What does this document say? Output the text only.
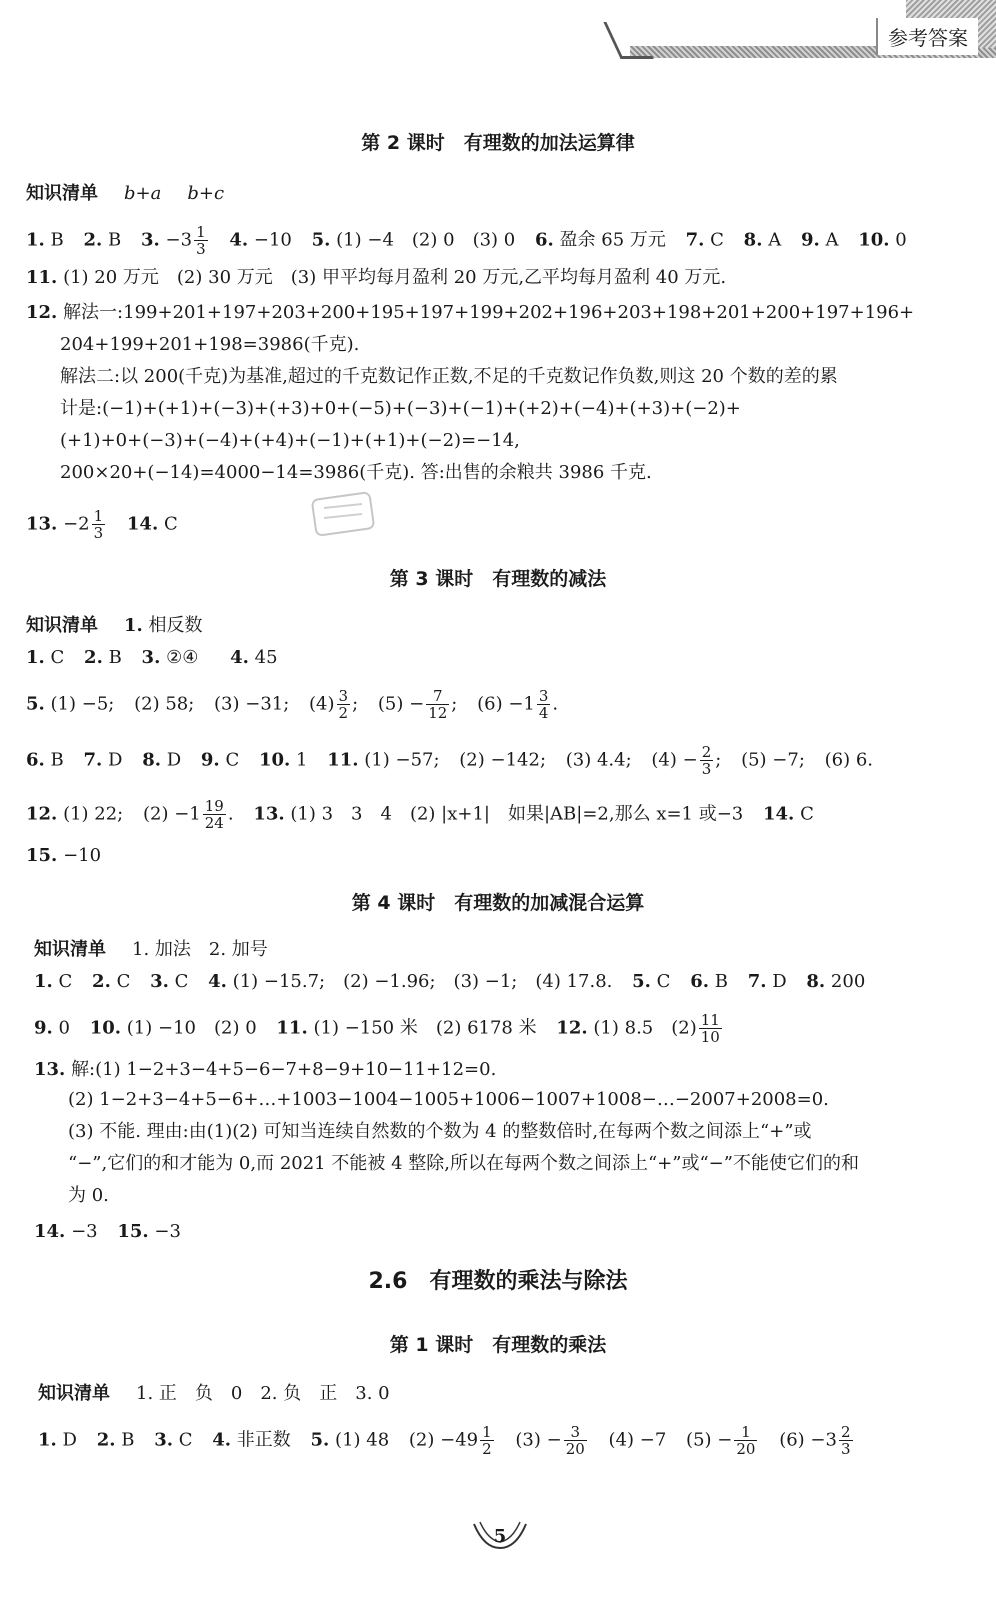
参考答案
第 2 课时　有理数的加法运算律
知识清单 b+a b+c
1. B 2. B 3. $-3 \frac{1}{3} 4$. −10 5. (1) −4　(2) 0　(3) 0 6. 盈余 65 万元 7. C 8. A 9. A 10. 0
11. (1) 20 万元　(2) 30 万元　(3) 甲平均每月盈利 20 万元,乙平均每月盈利 40 万元.
12. 解法一:199+201+197+203+200+195+197+199+202+196+203+198+201+200+197+196+
204+199+201+198=3986(千克).
解法二:以 200(千克)为基准,超过的千克数记作正数,不足的千克数记作负数,则这 20 个数的差的累
计是:(−1)+(+1)+(−3)+(+3)+0+(−5)+(−3)+(−1)+(+2)+(−4)+(+3)+(−2)+
(+1)+0+(−3)+(−4)+(+4)+(−1)+(+1)+(−2)=−14,
200×20+(−14)=4000−14=3986(千克). 答:出售的余粮共 3986 千克.
13. $-2 \frac{1}{3} 14$. C
第 3 课时　有理数的减法
知识清单 1. 相反数
1. C 2. B 3. ②④ 4. 45
5. (1) −5; (2) 58; (3) −31; $(4) \frac{3}{2}$ ; $(5) - \frac{7}{12}$ ; $(6) -1 \frac{3}{4}$ .
6. B 7. D 8. D 9. C 10. 1 11. (1) −57; (2) −142; (3) 4.4; $(4) - \frac{2}{3}$ ; (5) −7; (6) 6.
12. (1) 22; $(2) -1 \frac{19}{24}$ . 13. (1) 3　3　4　(2) |x+1|　如果|AB|=2,那么 x=1 或−3 14. C
15. −10
第 4 课时　有理数的加减混合运算
知识清单 1. 加法　2. 加号
1. C 2. C 3. C 4. (1) −15.7;　(2) −1.96;　(3) −1;　(4) 17.8. 5. C 6. B 7. D 8. 200
9. 0 10. (1) −10　(2) 0 11. (1) −150 米　(2) 6178 米 12. (1) 8.5　$(2) \frac{11}{10}$
13. 解:(1) 1−2+3−4+5−6−7+8−9+10−11+12=0.
(2) 1−2+3−4+5−6+…+1003−1004−1005+1006−1007+1008−…−2007+2008=0.
(3) 不能. 理由:由(1)(2) 可知当连续自然数的个数为 4 的整数倍时,在每两个数之间添上“+”或
“−”,它们的和才能为 0,而 2021 不能被 4 整除,所以在每两个数之间添上“+”或“−”不能使它们的和
为 0.
14. −3 15. −3
2.6　有理数的乘法与除法
第 1 课时　有理数的乘法
知识清单 1. 正　负　0　2. 负　正　3. 0
1. D 2. B 3. C 4. 非正数 5. (1) 48 $(2) -49 \frac{1}{2} (3) - \frac{3}{20} (4) -7$ $(5) - \frac{1}{20} (6) -3 \frac{2}{3}$
5
